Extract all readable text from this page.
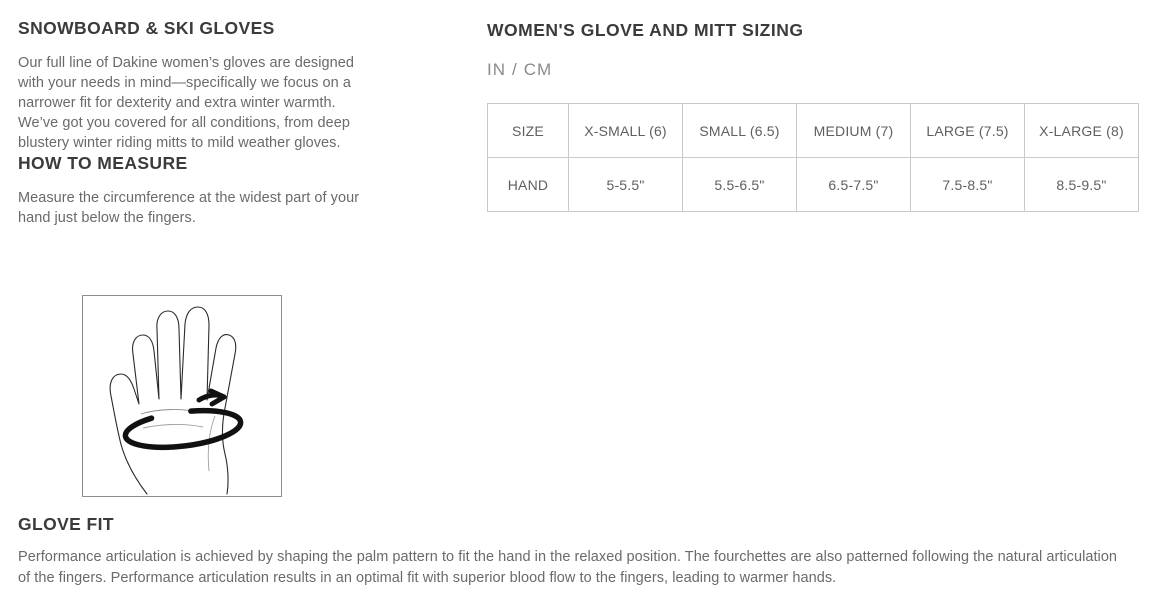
SNOWBOARD & SKI GLOVES

Our full line of Dakine women’s gloves are designed with your needs in mind—specifically we focus on a narrower fit for dexterity and extra winter warmth. We’ve got you covered for all conditions, from deep blustery winter riding mitts to mild weather gloves.

HOW TO MEASURE

Measure the circumference at the widest part of your hand just below the fingers.

GLOVE FIT

Performance articulation is achieved by shaping the palm pattern to fit the hand in the relaxed position. The fourchettes are also patterned following the natural articulation of the fingers. Performance articulation results in an optimal fit with superior blood flow to the fingers, leading to warmer hands.

WOMEN'S GLOVE AND MITT SIZING
IN / CM
SIZE	X-SMALL (6)	SMALL (6.5)	MEDIUM (7)	LARGE (7.5)	X-LARGE (8)
HAND	5-5.5"	5.5-6.5"	6.5-7.5"	7.5-8.5"	8.5-9.5"
